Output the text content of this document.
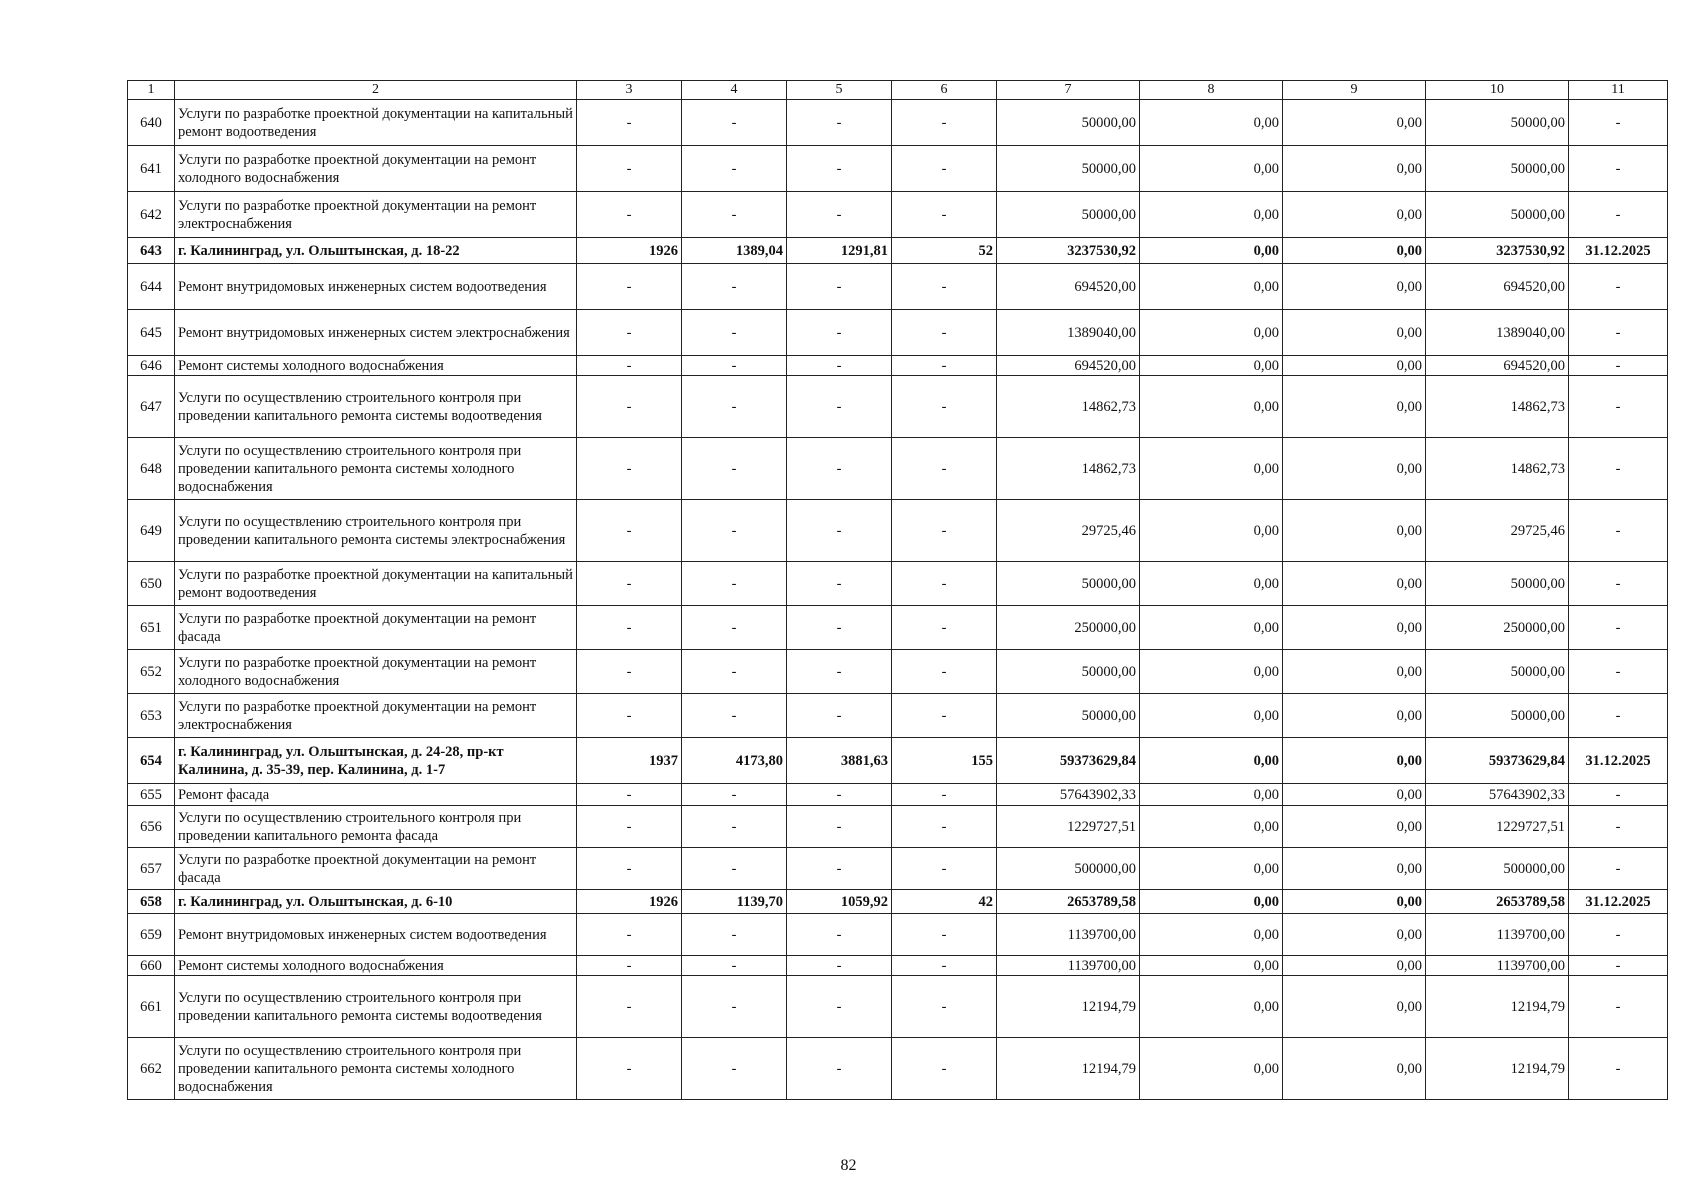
1	2	3	4	5	6	7	8	9	10	11
640	Услуги по разработке проектной документации на капитальный ремонт водоотведения	-	-	-	-	50000,00	0,00	0,00	50000,00	-
641	Услуги по разработке проектной документации на ремонт холодного водоснабжения	-	-	-	-	50000,00	0,00	0,00	50000,00	-
642	Услуги по разработке проектной документации на ремонт электроснабжения	-	-	-	-	50000,00	0,00	0,00	50000,00	-
643	г. Калининград, ул. Ольштынская, д. 18-22	1926	1389,04	1291,81	52	3237530,92	0,00	0,00	3237530,92	31.12.2025
644	Ремонт внутридомовых инженерных систем водоотведения	-	-	-	-	694520,00	0,00	0,00	694520,00	-
645	Ремонт внутридомовых инженерных систем электроснабжения	-	-	-	-	1389040,00	0,00	0,00	1389040,00	-
646	Ремонт системы холодного водоснабжения	-	-	-	-	694520,00	0,00	0,00	694520,00	-
647	Услуги по осуществлению строительного контроля при проведении капитального ремонта системы водоотведения	-	-	-	-	14862,73	0,00	0,00	14862,73	-
648	Услуги по осуществлению строительного контроля при проведении капитального ремонта системы холодного водоснабжения	-	-	-	-	14862,73	0,00	0,00	14862,73	-
649	Услуги по осуществлению строительного контроля при проведении капитального ремонта системы электроснабжения	-	-	-	-	29725,46	0,00	0,00	29725,46	-
650	Услуги по разработке проектной документации на капитальный ремонт водоотведения	-	-	-	-	50000,00	0,00	0,00	50000,00	-
651	Услуги по разработке проектной документации на ремонт фасада	-	-	-	-	250000,00	0,00	0,00	250000,00	-
652	Услуги по разработке проектной документации на ремонт холодного водоснабжения	-	-	-	-	50000,00	0,00	0,00	50000,00	-
653	Услуги по разработке проектной документации на ремонт электроснабжения	-	-	-	-	50000,00	0,00	0,00	50000,00	-
654	г. Калининград, ул. Ольштынская, д. 24-28, пр-кт Калинина, д. 35-39, пер. Калинина, д. 1-7	1937	4173,80	3881,63	155	59373629,84	0,00	0,00	59373629,84	31.12.2025
655	Ремонт фасада	-	-	-	-	57643902,33	0,00	0,00	57643902,33	-
656	Услуги по осуществлению строительного контроля при проведении капитального ремонта фасада	-	-	-	-	1229727,51	0,00	0,00	1229727,51	-
657	Услуги по разработке проектной документации на ремонт фасада	-	-	-	-	500000,00	0,00	0,00	500000,00	-
658	г. Калининград, ул. Ольштынская, д. 6-10	1926	1139,70	1059,92	42	2653789,58	0,00	0,00	2653789,58	31.12.2025
659	Ремонт внутридомовых инженерных систем водоотведения	-	-	-	-	1139700,00	0,00	0,00	1139700,00	-
660	Ремонт системы холодного водоснабжения	-	-	-	-	1139700,00	0,00	0,00	1139700,00	-
661	Услуги по осуществлению строительного контроля при проведении капитального ремонта системы водоотведения	-	-	-	-	12194,79	0,00	0,00	12194,79	-
662	Услуги по осуществлению строительного контроля при проведении капитального ремонта системы холодного водоснабжения	-	-	-	-	12194,79	0,00	0,00	12194,79	-
82
